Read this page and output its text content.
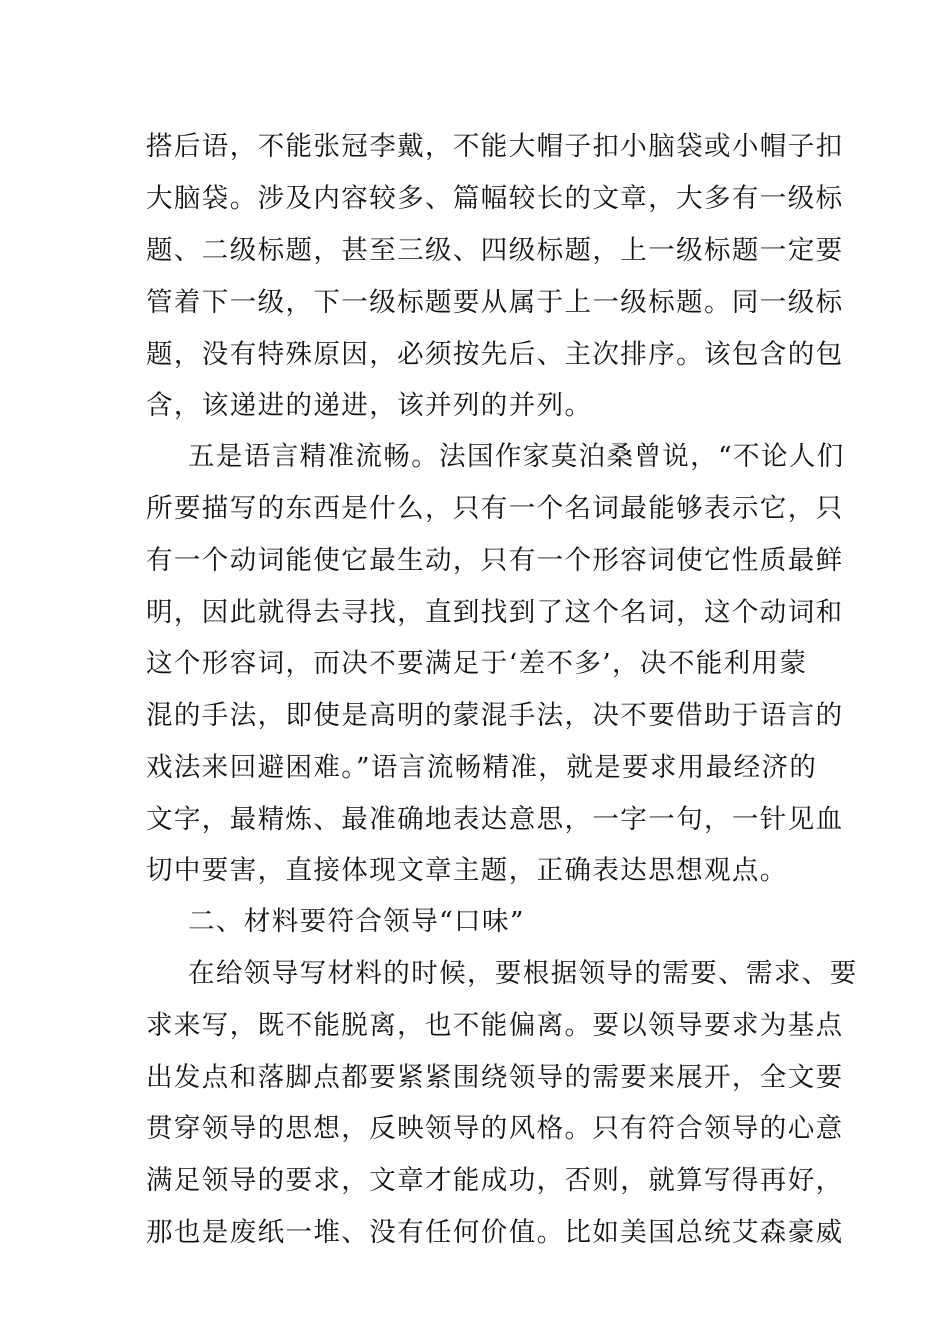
搭后语，不能张冠李戴，不能大帽子扣小脑袋或小帽子扣
大脑袋。涉及内容较多、篇幅较长的文章，大多有一级标
题、二级标题，甚至三级、四级标题，上一级标题一定要
管着下一级，下一级标题要从属于上一级标题。同一级标
题，没有特殊原因，必须按先后、主次排序。该包含的包
含，该递进的递进，该并列的并列。
五是语言精准流畅。法国作家莫泊桑曾说，“不论人们
所要描写的东西是什么，只有一个名词最能够表示它，只
有一个动词能使它最生动，只有一个形容词使它性质最鲜
明，因此就得去寻找，直到找到了这个名词，这个动词和
这个形容词，而决不要满足于‘差不多’，决不能利用蒙
混的手法，即使是高明的蒙混手法，决不要借助于语言的
戏法来回避困难。”语言流畅精准，就是要求用最经济的
文字，最精炼、最准确地表达意思，一字一句，一针见血
切中要害，直接体现文章主题，正确表达思想观点。
二、材料要符合领导“口味”
在给领导写材料的时候，要根据领导的需要、需求、要
求来写，既不能脱离，也不能偏离。要以领导要求为基点
出发点和落脚点都要紧紧围绕领导的需要来展开，全文要
贯穿领导的思想，反映领导的风格。只有符合领导的心意
满足领导的要求，文章才能成功，否则，就算写得再好，
那也是废纸一堆、没有任何价值。比如美国总统艾森豪威
